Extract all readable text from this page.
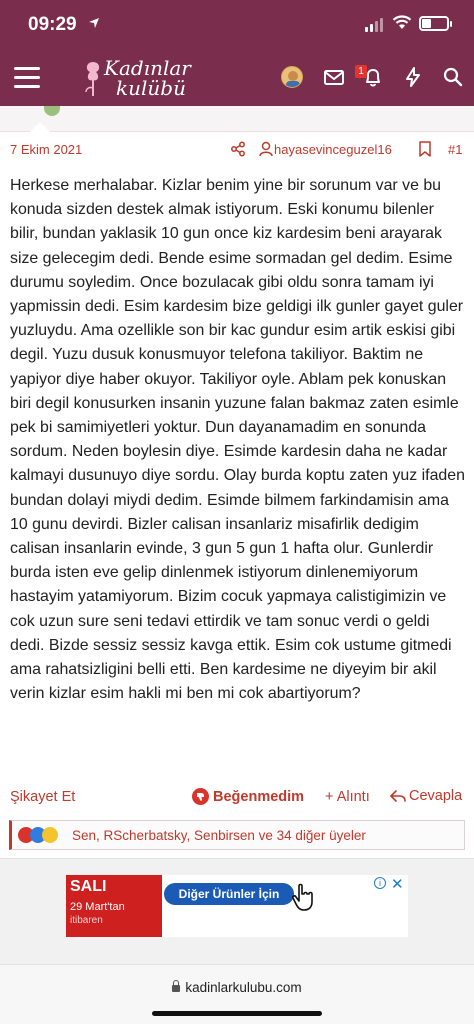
09:29
Kadınlar
kulübü
1
7 Ekim 2021	hayasevinceguzel16	#1
Herkese merhalabar. Kizlar benim yine bir sorunum var ve bu konuda sizden destek almak istiyorum. Eski konumu bilenler bilir, bundan yaklasik 10 gun once kiz kardesim beni arayarak size gelecegim dedi. Bende esime sormadan gel dedim. Esime durumu soyledim. Once bozulacak gibi oldu sonra tamam iyi yapmissin dedi. Esim kardesim bize geldigi ilk gunler gayet guler yuzluydu. Ama ozellikle son bir kac gundur esim artik eskisi gibi degil. Yuzu dusuk konusmuyor telefona takiliyor. Baktim ne yapiyor diye haber okuyor. Takiliyor oyle. Ablam pek konuskan biri degil konusurken insanin yuzune falan bakmaz zaten esimle pek bi samimiyetleri yoktur. Dun dayanamadim en sonunda sordum. Neden boylesin diye. Esimde kardesin daha ne kadar kalmayi dusunuyo diye sordu. Olay burda koptu zaten yuz ifaden bundan dolayi miydi dedim. Esimde bilmem farkindamisin ama 10 gunu devirdi. Bizler calisan insanlariz misafirlik dedigim calisan insanlarin evinde, 3 gun 5 gun 1 hafta olur. Gunlerdir burda isten eve gelip dinlenmek istiyorum dinlenemiyorum hastayim yatamiyorum. Bizim cocuk yapmaya calistigimizin ve cok uzun sure seni tedavi ettirdik ve tam sonuc verdi o geldi dedi. Bizde sessiz sessiz kavga ettik. Esim cok ustume gitmedi ama rahatsizligini belli etti. Ben kardesime ne diyeyim bir akil verin kizlar esim hakli mi ben mi cok abartiyorum?
Şikayet Et	Beğenmedim + Alıntı	Cevapla
Sen, RScherbatsky, Senbirsen ve 34 diğer üyeler
SALI
29 Mart'tan
itibaren
Diğer Ürünler İçin
i ✕
kadinlarkulubu.com
